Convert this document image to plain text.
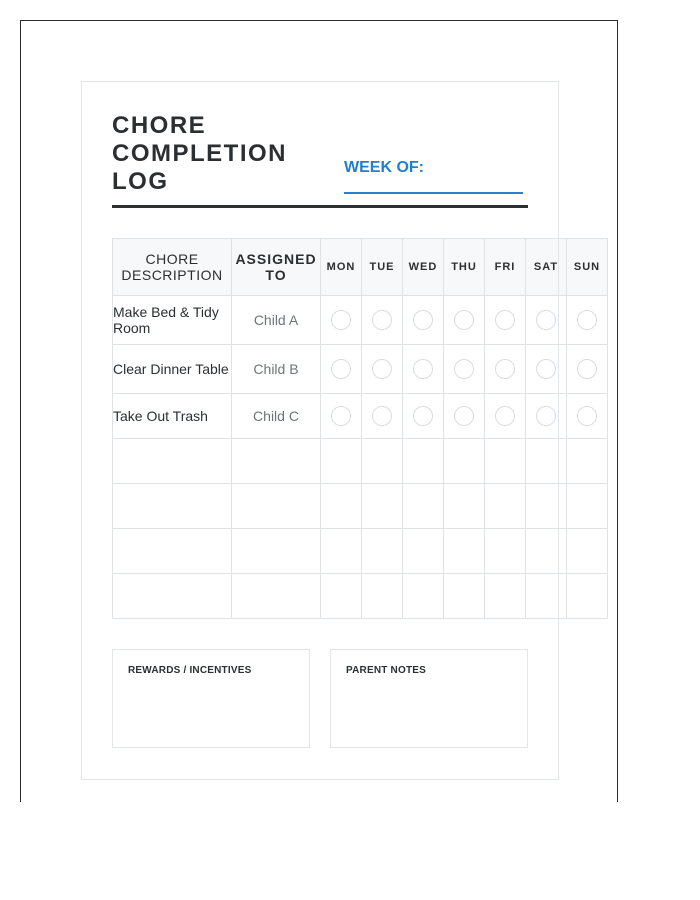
CHORE
COMPLETION
LOG
WEEK OF:
CHORE DESCRIPTION	ASSIGNED TO	MON	TUE	WED	THU	FRI	SAT	SUN
Make Bed & Tidy Room	Child A							
Clear Dinner Table	Child B							
Take Out Trash	Child C							

REWARDS / INCENTIVES	PARENT NOTES
